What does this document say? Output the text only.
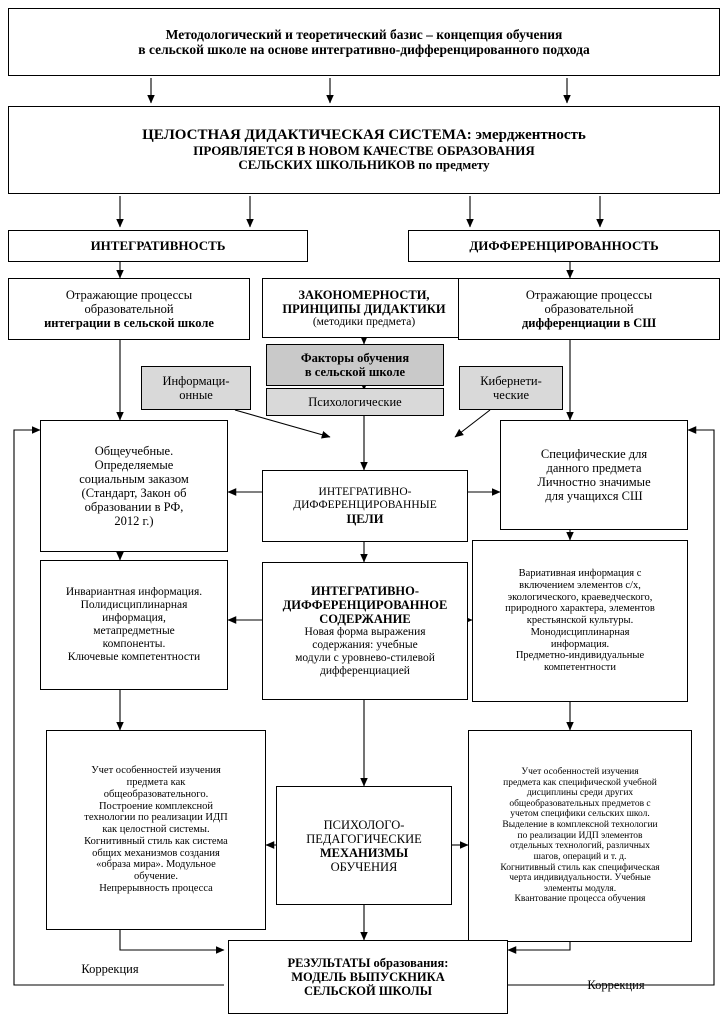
Методологический и теоретический базис – концепция обучения
в сельской школе на основе интегративно-дифференцированного подхода
ЦЕЛОСТНАЯ ДИДАКТИЧЕСКАЯ СИСТЕМА: эмерджентность
ПРОЯВЛЯЕТСЯ В НОВОМ КАЧЕСТВЕ ОБРАЗОВАНИЯ
СЕЛЬСКИХ ШКОЛЬНИКОВ по предмету
ИНТЕГРАТИВНОСТЬ	ДИФФЕРЕНЦИРОВАННОСТЬ
Отражающие процессы
образовательной
интеграции в сельской школе
ЗАКОНОМЕРНОСТИ,
ПРИНЦИПЫ ДИДАКТИКИ
(методики предмета)
Отражающие процессы
образовательной
дифференциации в СШ
Факторы обучения
в сельской школе
Информаци-
онные	Психологические
Кибернети-
ческие
Общеучебные.
Определяемые
социальным заказом
(Стандарт, Закон об
образовании в РФ,
2012 г.)
Специфические для
данного предмета
Личностно значимые
для учащихся СШ
ИНТЕГРАТИВНО-
ДИФФЕРЕНЦИРОВАННЫЕ
ЦЕЛИ
Инвариантная информация.
Полидисциплинарная
информация,
метапредметные
компоненты.
Ключевые компетентности
ИНТЕГРАТИВНО-
ДИФФЕРЕНЦИРОВАННОЕ
СОДЕРЖАНИЕ
Новая форма выражения
содержания: учебные
модули с уровнево-стилевой
дифференциацией
Вариативная информация с
включением элементов с/х,
экологического, краеведческого,
природного характера, элементов
крестьянской культуры.
Монодисциплинарная
информация.
Предметно-индивидуальные
компетентности
Учет особенностей изучения
предмета как
общеобразовательного.
Построение комплексной
технологии по реализации ИДП
как целостной системы.
Когнитивный стиль как система
общих механизмов создания
«образа мира». Модульное
обучение.
Непрерывность процесса
ПСИХОЛОГО-
ПЕДАГОГИЧЕСКИЕ
МЕХАНИЗМЫ
ОБУЧЕНИЯ
Учет особенностей изучения
предмета как специфической учебной
дисциплины среди других
общеобразовательных предметов с
учетом специфики сельских школ.
Выделение в комплексной технологии
по реализации ИДП элементов
отдельных технологий, различных
шагов, операций и т. д.
Когнитивный стиль как специфическая
черта индивидуальности. Учебные
элементы модуля.
Квантование процесса обучения
РЕЗУЛЬТАТЫ образования:
МОДЕЛЬ ВЫПУСКНИКА
СЕЛЬСКОЙ ШКОЛЫ
Коррекция
Коррекция
